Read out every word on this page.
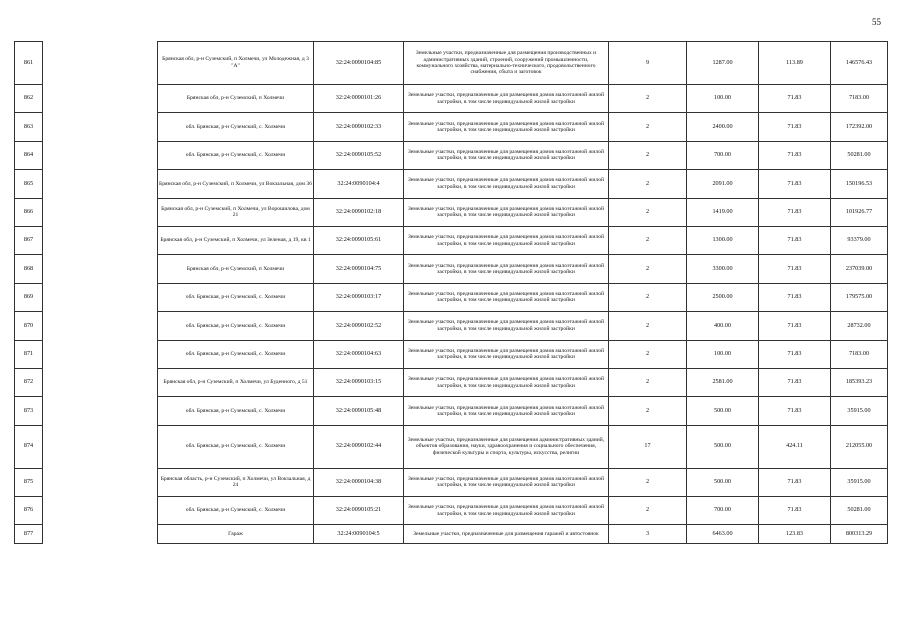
55
861		Брянская обл, р-н Суземский, п Холмечи, ул Молодежная, д 3 "А"	32:24:0090104:85	Земельные участки, предназначенные для размещения производственных и административных зданий, строений, сооружений промышленности, коммунального хозяйства, материально-технического, продовольственного снабжения, сбыта и заготовок	9	1287.00	113.89	146576.43
862		Брянская обл, р-н Суземский, п Холмечи	32:24:0090101:26	Земельные участки, предназначенные для размещения домов малоэтажной жилой застройки, в том числе индивидуальной жилой застройки	2	100.00	71.83	7183.00
863		обл. Брянская, р-н Суземский, с. Холмечи	32:24:0090102:33	Земельные участки, предназначенные для размещения домов малоэтажной жилой застройки, в том числе индивидуальной жилой застройки	2	2400.00	71.83	172392.00
864		обл. Брянская, р-н Суземский, с. Холмечи	32:24:0090105:52	Земельные участки, предназначенные для размещения домов малоэтажной жилой застройки, в том числе индивидуальной жилой застройки	2	700.00	71.83	50281.00
865		Брянская обл, р-н Суземский, п Холмечи, ул Вокзальная, дом 36	32:24:0090104:4	Земельные участки, предназначенные для размещения домов малоэтажной жилой застройки, в том числе индивидуальной жилой застройки	2	2091.00	71.83	150196.53
866		Брянская обл, р-н Суземский, п Холмечи, ул Ворошилова, дом 21	32:24:0090102:18	Земельные участки, предназначенные для размещения домов малоэтажной жилой застройки, в том числе индивидуальной жилой застройки	2	1419.00	71.83	101926.77
867		Брянская обл, р-н Суземский, п Холмечи, ул Зеленая, д 19, кв 1	32:24:0090105:61	Земельные участки, предназначенные для размещения домов малоэтажной жилой застройки, в том числе индивидуальной жилой застройки	2	1300.00	71.83	93379.00
868		Брянская обл, р-н Суземский, п Холмечи	32:24:0090104:75	Земельные участки, предназначенные для размещения домов малоэтажной жилой застройки, в том числе индивидуальной жилой застройки	2	3300.00	71.83	237039.00
869		обл. Брянская, р-н Суземский, с. Холмечи	32:24:0090103:17	Земельные участки, предназначенные для размещения домов малоэтажной жилой застройки, в том числе индивидуальной жилой застройки	2	2500.00	71.83	179575.00
870		обл. Брянская, р-н Суземский, с. Холмечи	32:24:0090102:52	Земельные участки, предназначенные для размещения домов малоэтажной жилой застройки, в том числе индивидуальной жилой застройки	2	400.00	71.83	28732.00
871		обл. Брянская, р-н Суземский, с. Холмечи	32:24:0090104:63	Земельные участки, предназначенные для размещения домов малоэтажной жилой застройки, в том числе индивидуальной жилой застройки	2	100.00	71.83	7183.00
872		Брянская обл, р-н Суземский, п Холмечи, ул Буденного, д 51	32:24:0090103:15	Земельные участки, предназначенные для размещения домов малоэтажной жилой застройки, в том числе индивидуальной жилой застройки	2	2581.00	71.83	185393.23
873		обл. Брянская, р-н Суземский, с. Холмечи	32:24:0090105:48	Земельные участки, предназначенные для размещения домов малоэтажной жилой застройки, в том числе индивидуальной жилой застройки	2	500.00	71.83	35915.00
874		обл. Брянская, р-н Суземский, с. Холмечи	32:24:0090102:44	Земельные участки, предназначенные для размещения административных зданий, объектов образования, науки, здравоохранения и социального обеспечения, физической культуры и спорта, культуры, искусства, религии	17	500.00	424.11	212055.00
875		Брянская область, р-н Суземский, п Холмечи, ул Вокзальная, д 24	32:24:0090104:38	Земельные участки, предназначенные для размещения домов малоэтажной жилой застройки, в том числе индивидуальной жилой застройки	2	500.00	71.83	35915.00
876		обл. Брянская, р-н Суземский, с. Холмечи	32:24:0090105:21	Земельные участки, предназначенные для размещения домов малоэтажной жилой застройки, в том числе индивидуальной жилой застройки	2	700.00	71.83	50281.00
877		Гараж	32:24:0090104:5	Земельные участки, предназначенные для размещения гаражей и автостоянок	3	6463.00	123.83	800313.29
